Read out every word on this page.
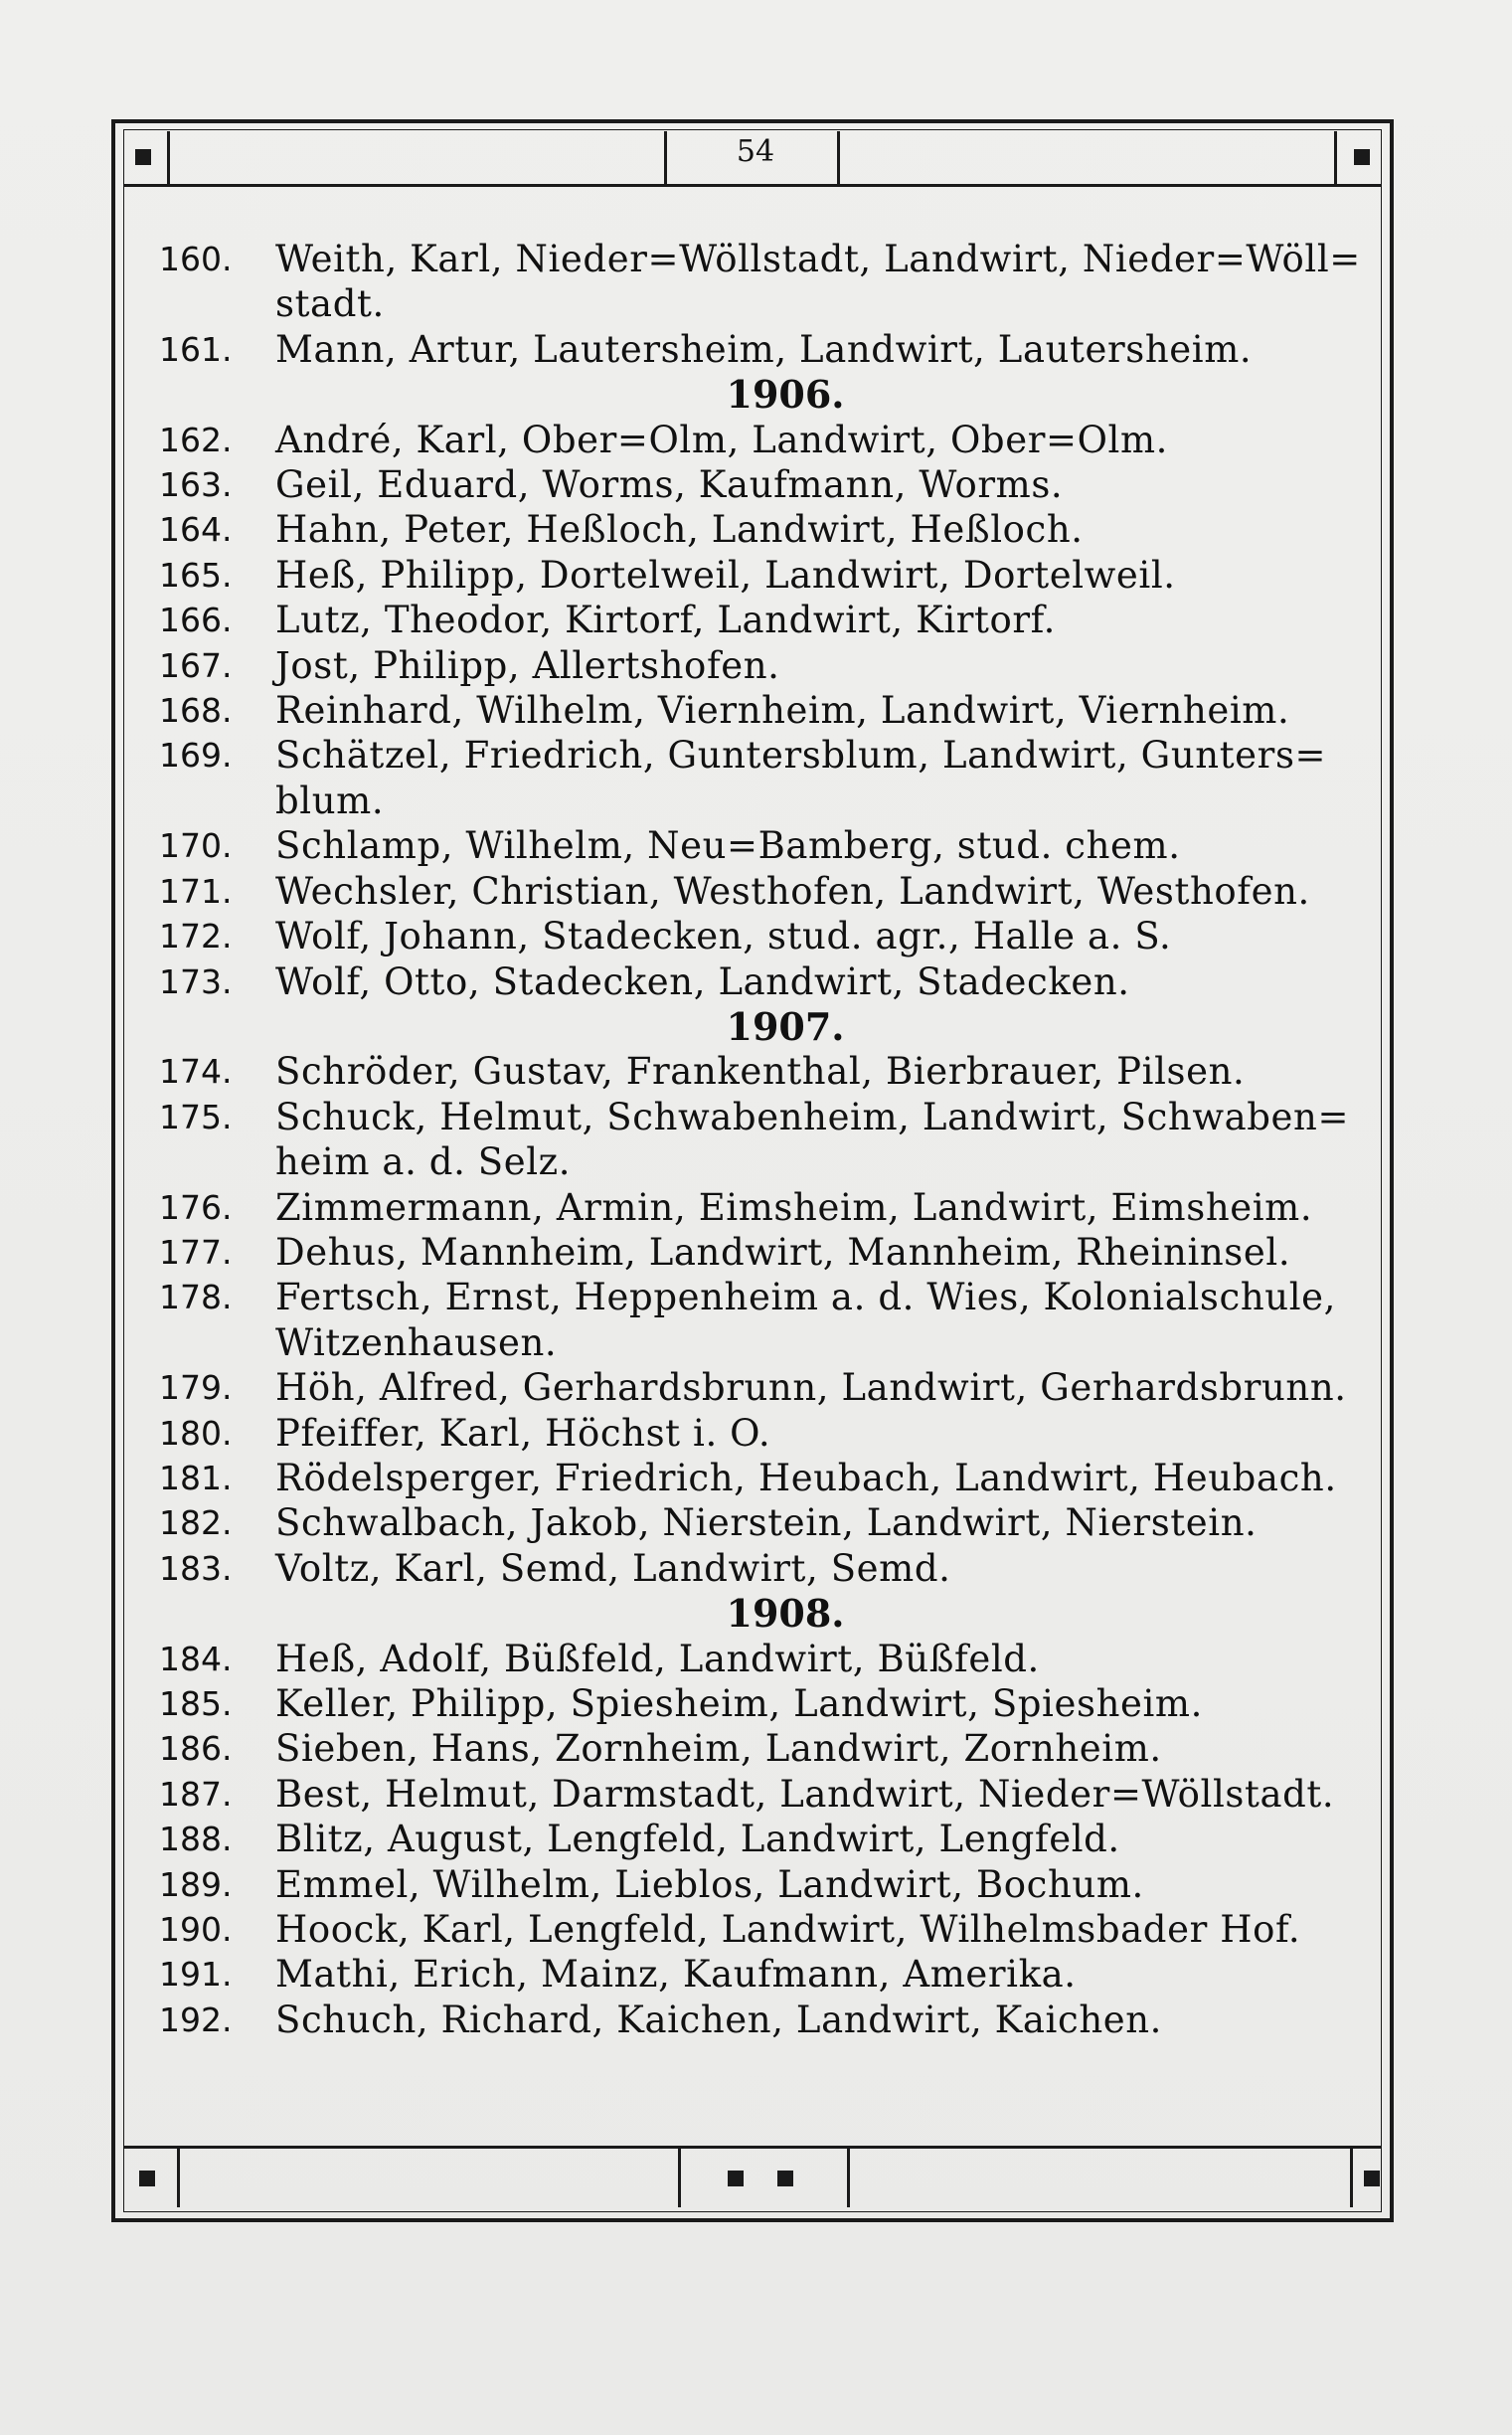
54
160.	Weith, Karl, Nieder=Wöllstadt, Landwirt, Nieder=Wöll=
stadt.
161.	Mann, Artur, Lautersheim, Landwirt, Lautersheim.
1906.
162.	André, Karl, Ober=Olm, Landwirt, Ober=Olm.
163.	Geil, Eduard, Worms, Kaufmann, Worms.
164.	Hahn, Peter, Heßloch, Landwirt, Heßloch.
165.	Heß, Philipp, Dortelweil, Landwirt, Dortelweil.
166.	Lutz, Theodor, Kirtorf, Landwirt, Kirtorf.
167.	Jost, Philipp, Allertshofen.
168.	Reinhard, Wilhelm, Viernheim, Landwirt, Viernheim.
169.	Schätzel, Friedrich, Guntersblum, Landwirt, Gunters=
blum.
170.	Schlamp, Wilhelm, Neu=Bamberg, stud. chem.
171.	Wechsler, Christian, Westhofen, Landwirt, Westhofen.
172.	Wolf, Johann, Stadecken, stud. agr., Halle a. S.
173.	Wolf, Otto, Stadecken, Landwirt, Stadecken.
1907.
174.	Schröder, Gustav, Frankenthal, Bierbrauer, Pilsen.
175.	Schuck, Helmut, Schwabenheim, Landwirt, Schwaben=
heim a. d. Selz.
176.	Zimmermann, Armin, Eimsheim, Landwirt, Eimsheim.
177.	Dehus, Mannheim, Landwirt, Mannheim, Rheininsel.
178.	Fertsch, Ernst, Heppenheim a. d. Wies, Kolonialschule,
Witzenhausen.
179.	Höh, Alfred, Gerhardsbrunn, Landwirt, Gerhardsbrunn.
180.	Pfeiffer, Karl, Höchst i. O.
181.	Rödelsperger, Friedrich, Heubach, Landwirt, Heubach.
182.	Schwalbach, Jakob, Nierstein, Landwirt, Nierstein.
183.	Voltz, Karl, Semd, Landwirt, Semd.
1908.
184.	Heß, Adolf, Büßfeld, Landwirt, Büßfeld.
185.	Keller, Philipp, Spiesheim, Landwirt, Spiesheim.
186.	Sieben, Hans, Zornheim, Landwirt, Zornheim.
187.	Best, Helmut, Darmstadt, Landwirt, Nieder=Wöllstadt.
188.	Blitz, August, Lengfeld, Landwirt, Lengfeld.
189.	Emmel, Wilhelm, Lieblos, Landwirt, Bochum.
190.	Hoock, Karl, Lengfeld, Landwirt, Wilhelmsbader Hof.
191.	Mathi, Erich, Mainz, Kaufmann, Amerika.
192.	Schuch, Richard, Kaichen, Landwirt, Kaichen.
